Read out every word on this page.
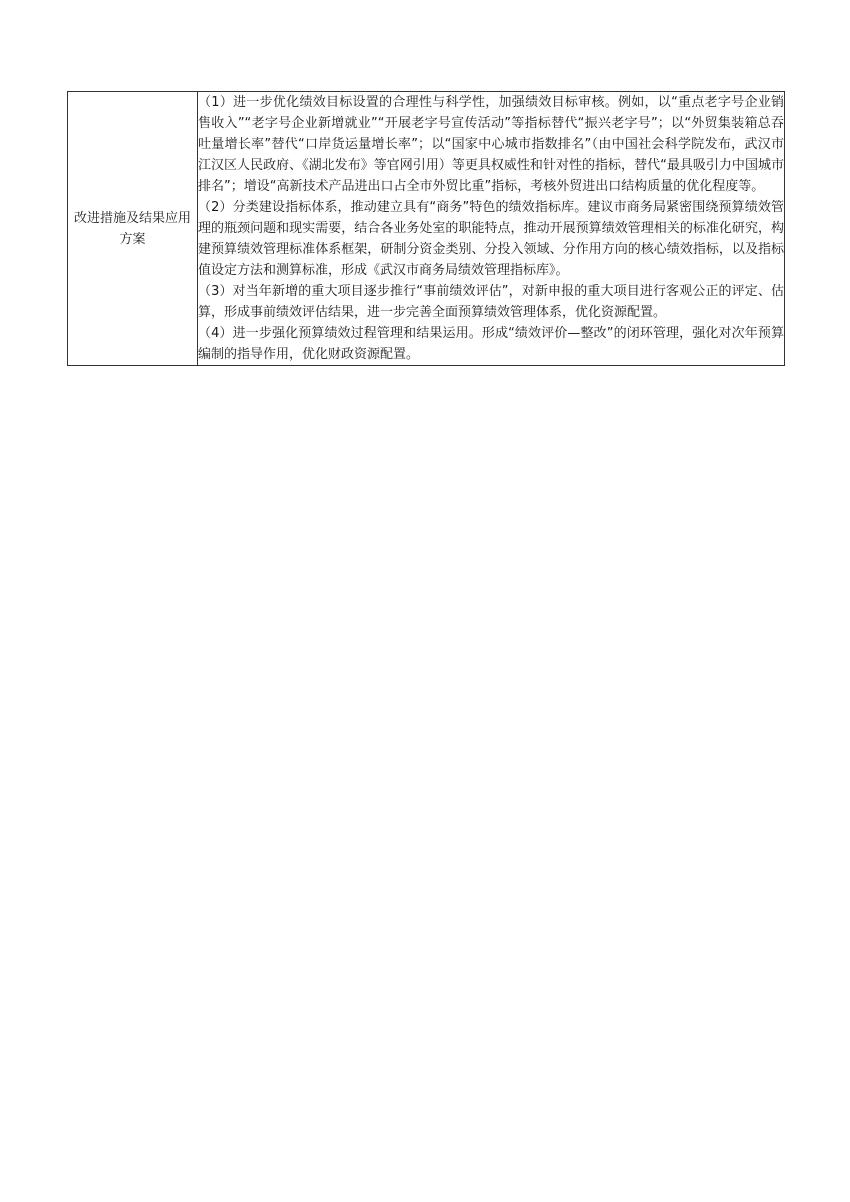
改进措施及结果应用方案	

（1）进一步优化绩效目标设置的合理性与科学性，加强绩效目标审核。例如，以“重点老字号企业销售收入”“老字号企业新增就业”“开展老字号宣传活动”等指标替代“振兴老字号”；以“外贸集装箱总吞吐量增长率”替代“口岸货运量增长率”；以“国家中心城市指数排名”（由中国社会科学院发布，武汉市江汉区人民政府、《湖北发布》等官网引用）等更具权威性和针对性的指标，替代“最具吸引力中国城市排名”；增设“高新技术产品进出口占全市外贸比重”指标，考核外贸进出口结构质量的优化程度等。

（2）分类建设指标体系，推动建立具有“商务”特色的绩效指标库。建议市商务局紧密围绕预算绩效管理的瓶颈问题和现实需要，结合各业务处室的职能特点，推动开展预算绩效管理相关的标准化研究，构建预算绩效管理标准体系框架，研制分资金类别、分投入领域、分作用方向的核心绩效指标，以及指标值设定方法和测算标准，形成《武汉市商务局绩效管理指标库》。

（3）对当年新增的重大项目逐步推行“事前绩效评估”，对新申报的重大项目进行客观公正的评定、估算，形成事前绩效评估结果，进一步完善全面预算绩效管理体系，优化资源配置。

（4）进一步强化预算绩效过程管理和结果运用。形成“绩效评价—整改”的闭环管理，强化对次年预算编制的指导作用，优化财政资源配置。
